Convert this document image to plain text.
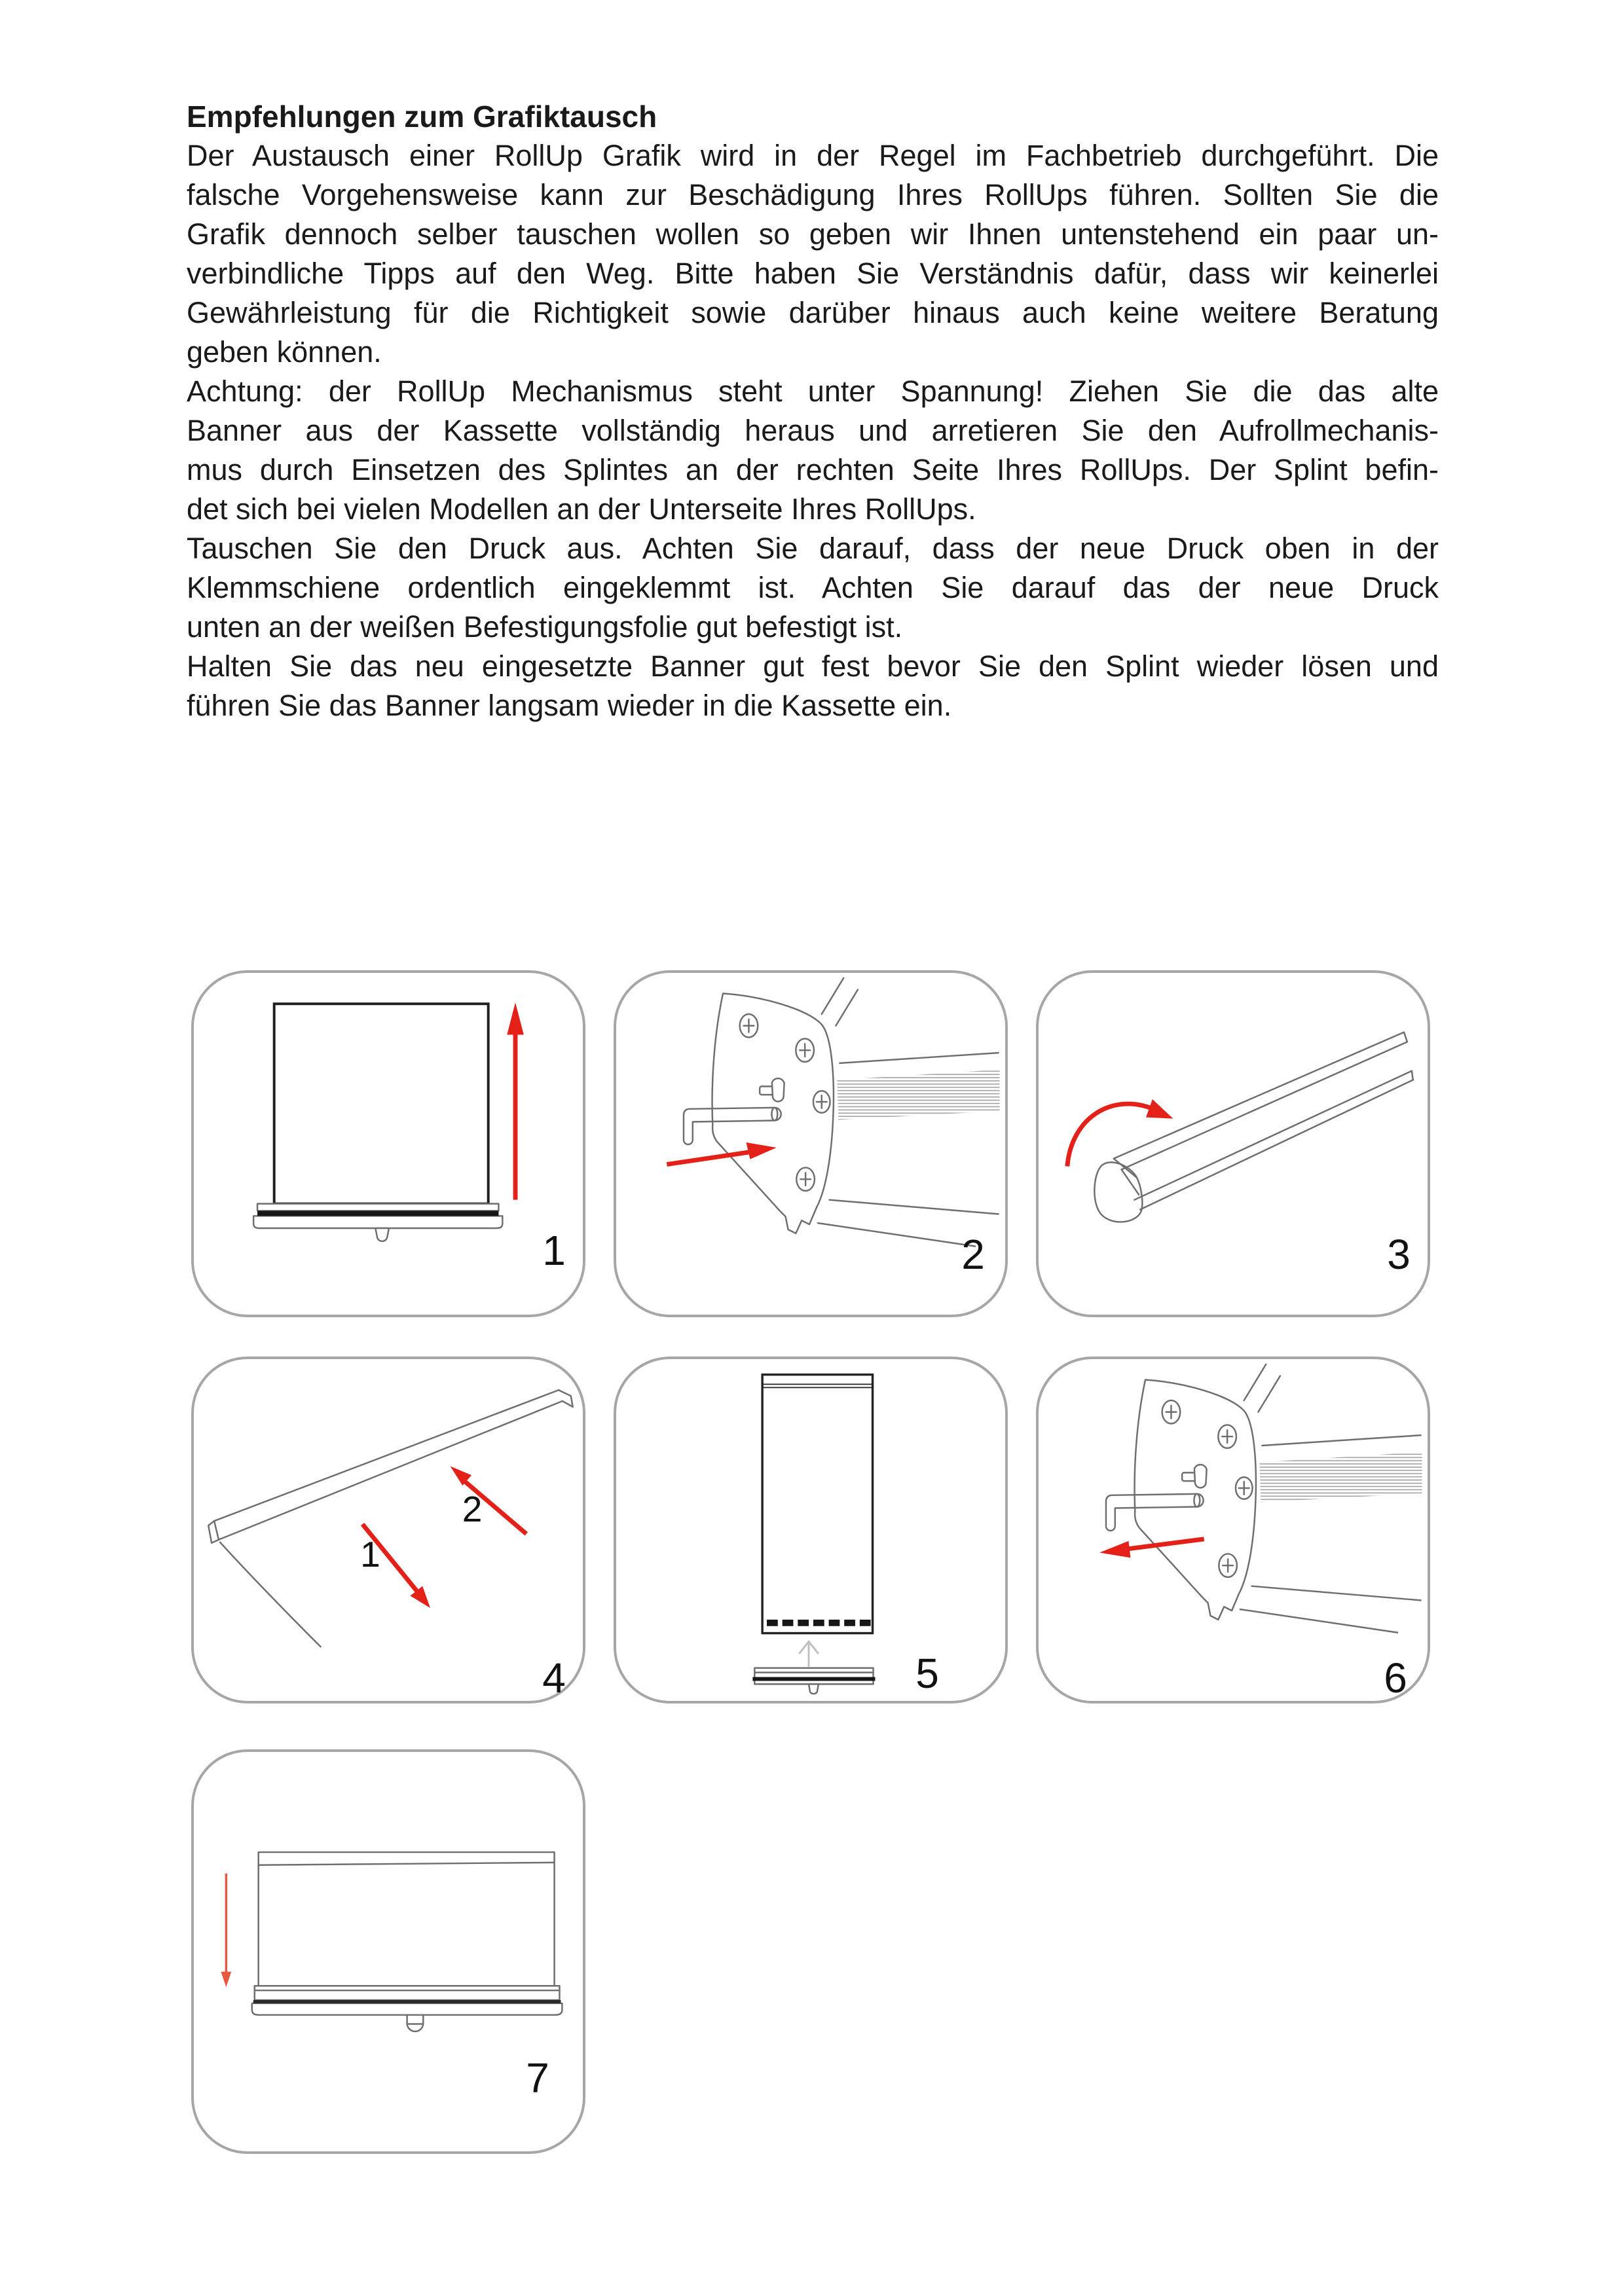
Empfehlungen zum Grafiktausch
Der Austausch einer RollUp Grafik wird in der Regel im Fachbetrieb durchgeführt. Die
falsche Vorgehensweise kann zur Beschädigung Ihres RollUps führen. Sollten Sie die
Grafik dennoch selber tauschen wollen so geben wir Ihnen untenstehend ein paar un-
verbindliche Tipps auf den Weg. Bitte haben Sie Verständnis dafür, dass wir keinerlei
Gewährleistung für die Richtigkeit sowie darüber hinaus auch keine weitere Beratung
geben können.
Achtung: der RollUp Mechanismus steht unter Spannung! Ziehen Sie die das alte
Banner aus der Kassette vollständig heraus und arretieren Sie den Aufrollmechanis-
mus durch Einsetzen des Splintes an der rechten Seite Ihres RollUps. Der Splint befin-
det sich bei vielen Modellen an der Unterseite Ihres RollUps.
Tauschen Sie den Druck aus. Achten Sie darauf, dass der neue Druck oben in der
Klemmschiene ordentlich eingeklemmt ist. Achten Sie darauf das der neue Druck
unten an der weißen Befestigungsfolie gut befestigt ist.
Halten Sie das neu eingesetzte Banner gut fest bevor Sie den Splint wieder lösen und
führen Sie das Banner langsam wieder in die Kassette ein.
1	2	3
1
2
4	5	6
7
